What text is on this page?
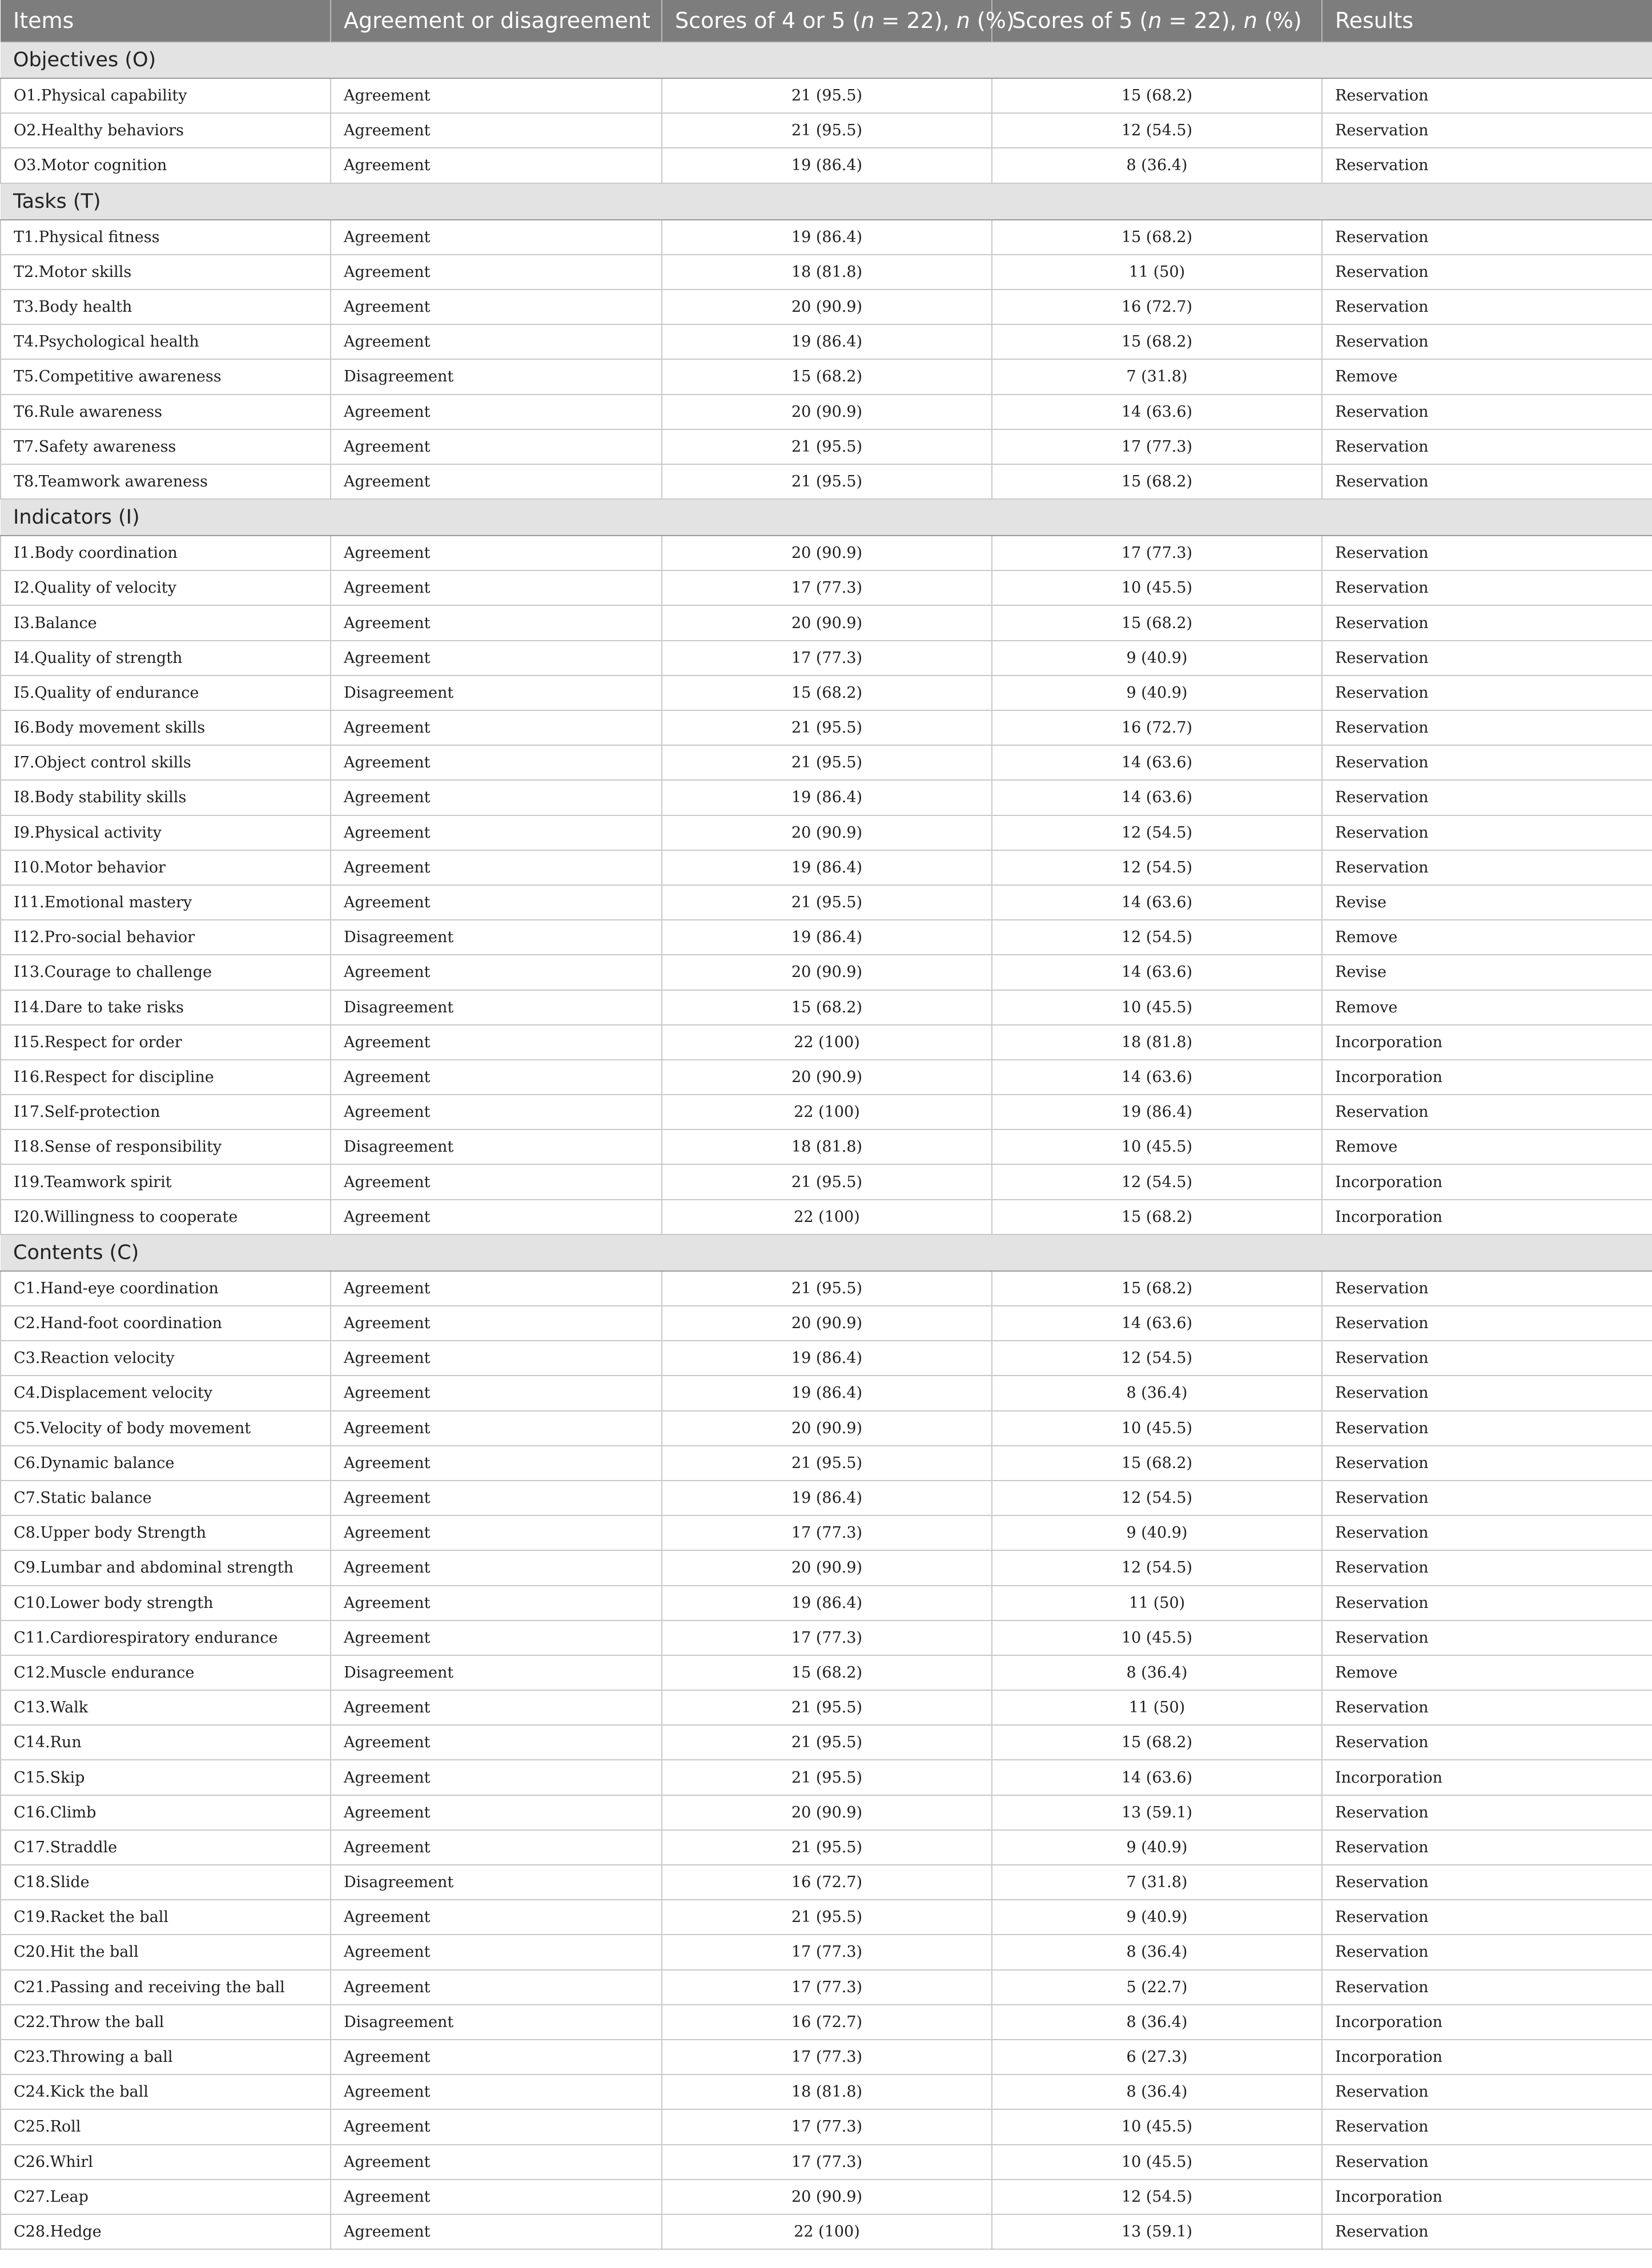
Items	Agreement or disagreement	Scores of 4 or 5 (n = 22), n (%)	Scores of 5 (n = 22), n (%)	Results
Objectives (O)				
O1.Physical capability	Agreement	21 (95.5)	15 (68.2)	Reservation
O2.Healthy behaviors	Agreement	21 (95.5)	12 (54.5)	Reservation
O3.Motor cognition	Agreement	19 (86.4)	8 (36.4)	Reservation
Tasks (T)				
T1.Physical fitness	Agreement	19 (86.4)	15 (68.2)	Reservation
T2.Motor skills	Agreement	18 (81.8)	11 (50)	Reservation
T3.Body health	Agreement	20 (90.9)	16 (72.7)	Reservation
T4.Psychological health	Agreement	19 (86.4)	15 (68.2)	Reservation
T5.Competitive awareness	Disagreement	15 (68.2)	7 (31.8)	Remove
T6.Rule awareness	Agreement	20 (90.9)	14 (63.6)	Reservation
T7.Safety awareness	Agreement	21 (95.5)	17 (77.3)	Reservation
T8.Teamwork awareness	Agreement	21 (95.5)	15 (68.2)	Reservation
Indicators (I)				
I1.Body coordination	Agreement	20 (90.9)	17 (77.3)	Reservation
I2.Quality of velocity	Agreement	17 (77.3)	10 (45.5)	Reservation
I3.Balance	Agreement	20 (90.9)	15 (68.2)	Reservation
I4.Quality of strength	Agreement	17 (77.3)	9 (40.9)	Reservation
I5.Quality of endurance	Disagreement	15 (68.2)	9 (40.9)	Reservation
I6.Body movement skills	Agreement	21 (95.5)	16 (72.7)	Reservation
I7.Object control skills	Agreement	21 (95.5)	14 (63.6)	Reservation
I8.Body stability skills	Agreement	19 (86.4)	14 (63.6)	Reservation
I9.Physical activity	Agreement	20 (90.9)	12 (54.5)	Reservation
I10.Motor behavior	Agreement	19 (86.4)	12 (54.5)	Reservation
I11.Emotional mastery	Agreement	21 (95.5)	14 (63.6)	Revise
I12.Pro-social behavior	Disagreement	19 (86.4)	12 (54.5)	Remove
I13.Courage to challenge	Agreement	20 (90.9)	14 (63.6)	Revise
I14.Dare to take risks	Disagreement	15 (68.2)	10 (45.5)	Remove
I15.Respect for order	Agreement	22 (100)	18 (81.8)	Incorporation
I16.Respect for discipline	Agreement	20 (90.9)	14 (63.6)	Incorporation
I17.Self-protection	Agreement	22 (100)	19 (86.4)	Reservation
I18.Sense of responsibility	Disagreement	18 (81.8)	10 (45.5)	Remove
I19.Teamwork spirit	Agreement	21 (95.5)	12 (54.5)	Incorporation
I20.Willingness to cooperate	Agreement	22 (100)	15 (68.2)	Incorporation
Contents (C)				
C1.Hand-eye coordination	Agreement	21 (95.5)	15 (68.2)	Reservation
C2.Hand-foot coordination	Agreement	20 (90.9)	14 (63.6)	Reservation
C3.Reaction velocity	Agreement	19 (86.4)	12 (54.5)	Reservation
C4.Displacement velocity	Agreement	19 (86.4)	8 (36.4)	Reservation
C5.Velocity of body movement	Agreement	20 (90.9)	10 (45.5)	Reservation
C6.Dynamic balance	Agreement	21 (95.5)	15 (68.2)	Reservation
C7.Static balance	Agreement	19 (86.4)	12 (54.5)	Reservation
C8.Upper body Strength	Agreement	17 (77.3)	9 (40.9)	Reservation
C9.Lumbar and abdominal strength	Agreement	20 (90.9)	12 (54.5)	Reservation
C10.Lower body strength	Agreement	19 (86.4)	11 (50)	Reservation
C11.Cardiorespiratory endurance	Agreement	17 (77.3)	10 (45.5)	Reservation
C12.Muscle endurance	Disagreement	15 (68.2)	8 (36.4)	Remove
C13.Walk	Agreement	21 (95.5)	11 (50)	Reservation
C14.Run	Agreement	21 (95.5)	15 (68.2)	Reservation
C15.Skip	Agreement	21 (95.5)	14 (63.6)	Incorporation
C16.Climb	Agreement	20 (90.9)	13 (59.1)	Reservation
C17.Straddle	Agreement	21 (95.5)	9 (40.9)	Reservation
C18.Slide	Disagreement	16 (72.7)	7 (31.8)	Reservation
C19.Racket the ball	Agreement	21 (95.5)	9 (40.9)	Reservation
C20.Hit the ball	Agreement	17 (77.3)	8 (36.4)	Reservation
C21.Passing and receiving the ball	Agreement	17 (77.3)	5 (22.7)	Reservation
C22.Throw the ball	Disagreement	16 (72.7)	8 (36.4)	Incorporation
C23.Throwing a ball	Agreement	17 (77.3)	6 (27.3)	Incorporation
C24.Kick the ball	Agreement	18 (81.8)	8 (36.4)	Reservation
C25.Roll	Agreement	17 (77.3)	10 (45.5)	Reservation
C26.Whirl	Agreement	17 (77.3)	10 (45.5)	Reservation
C27.Leap	Agreement	20 (90.9)	12 (54.5)	Incorporation
C28.Hedge	Agreement	22 (100)	13 (59.1)	Reservation
